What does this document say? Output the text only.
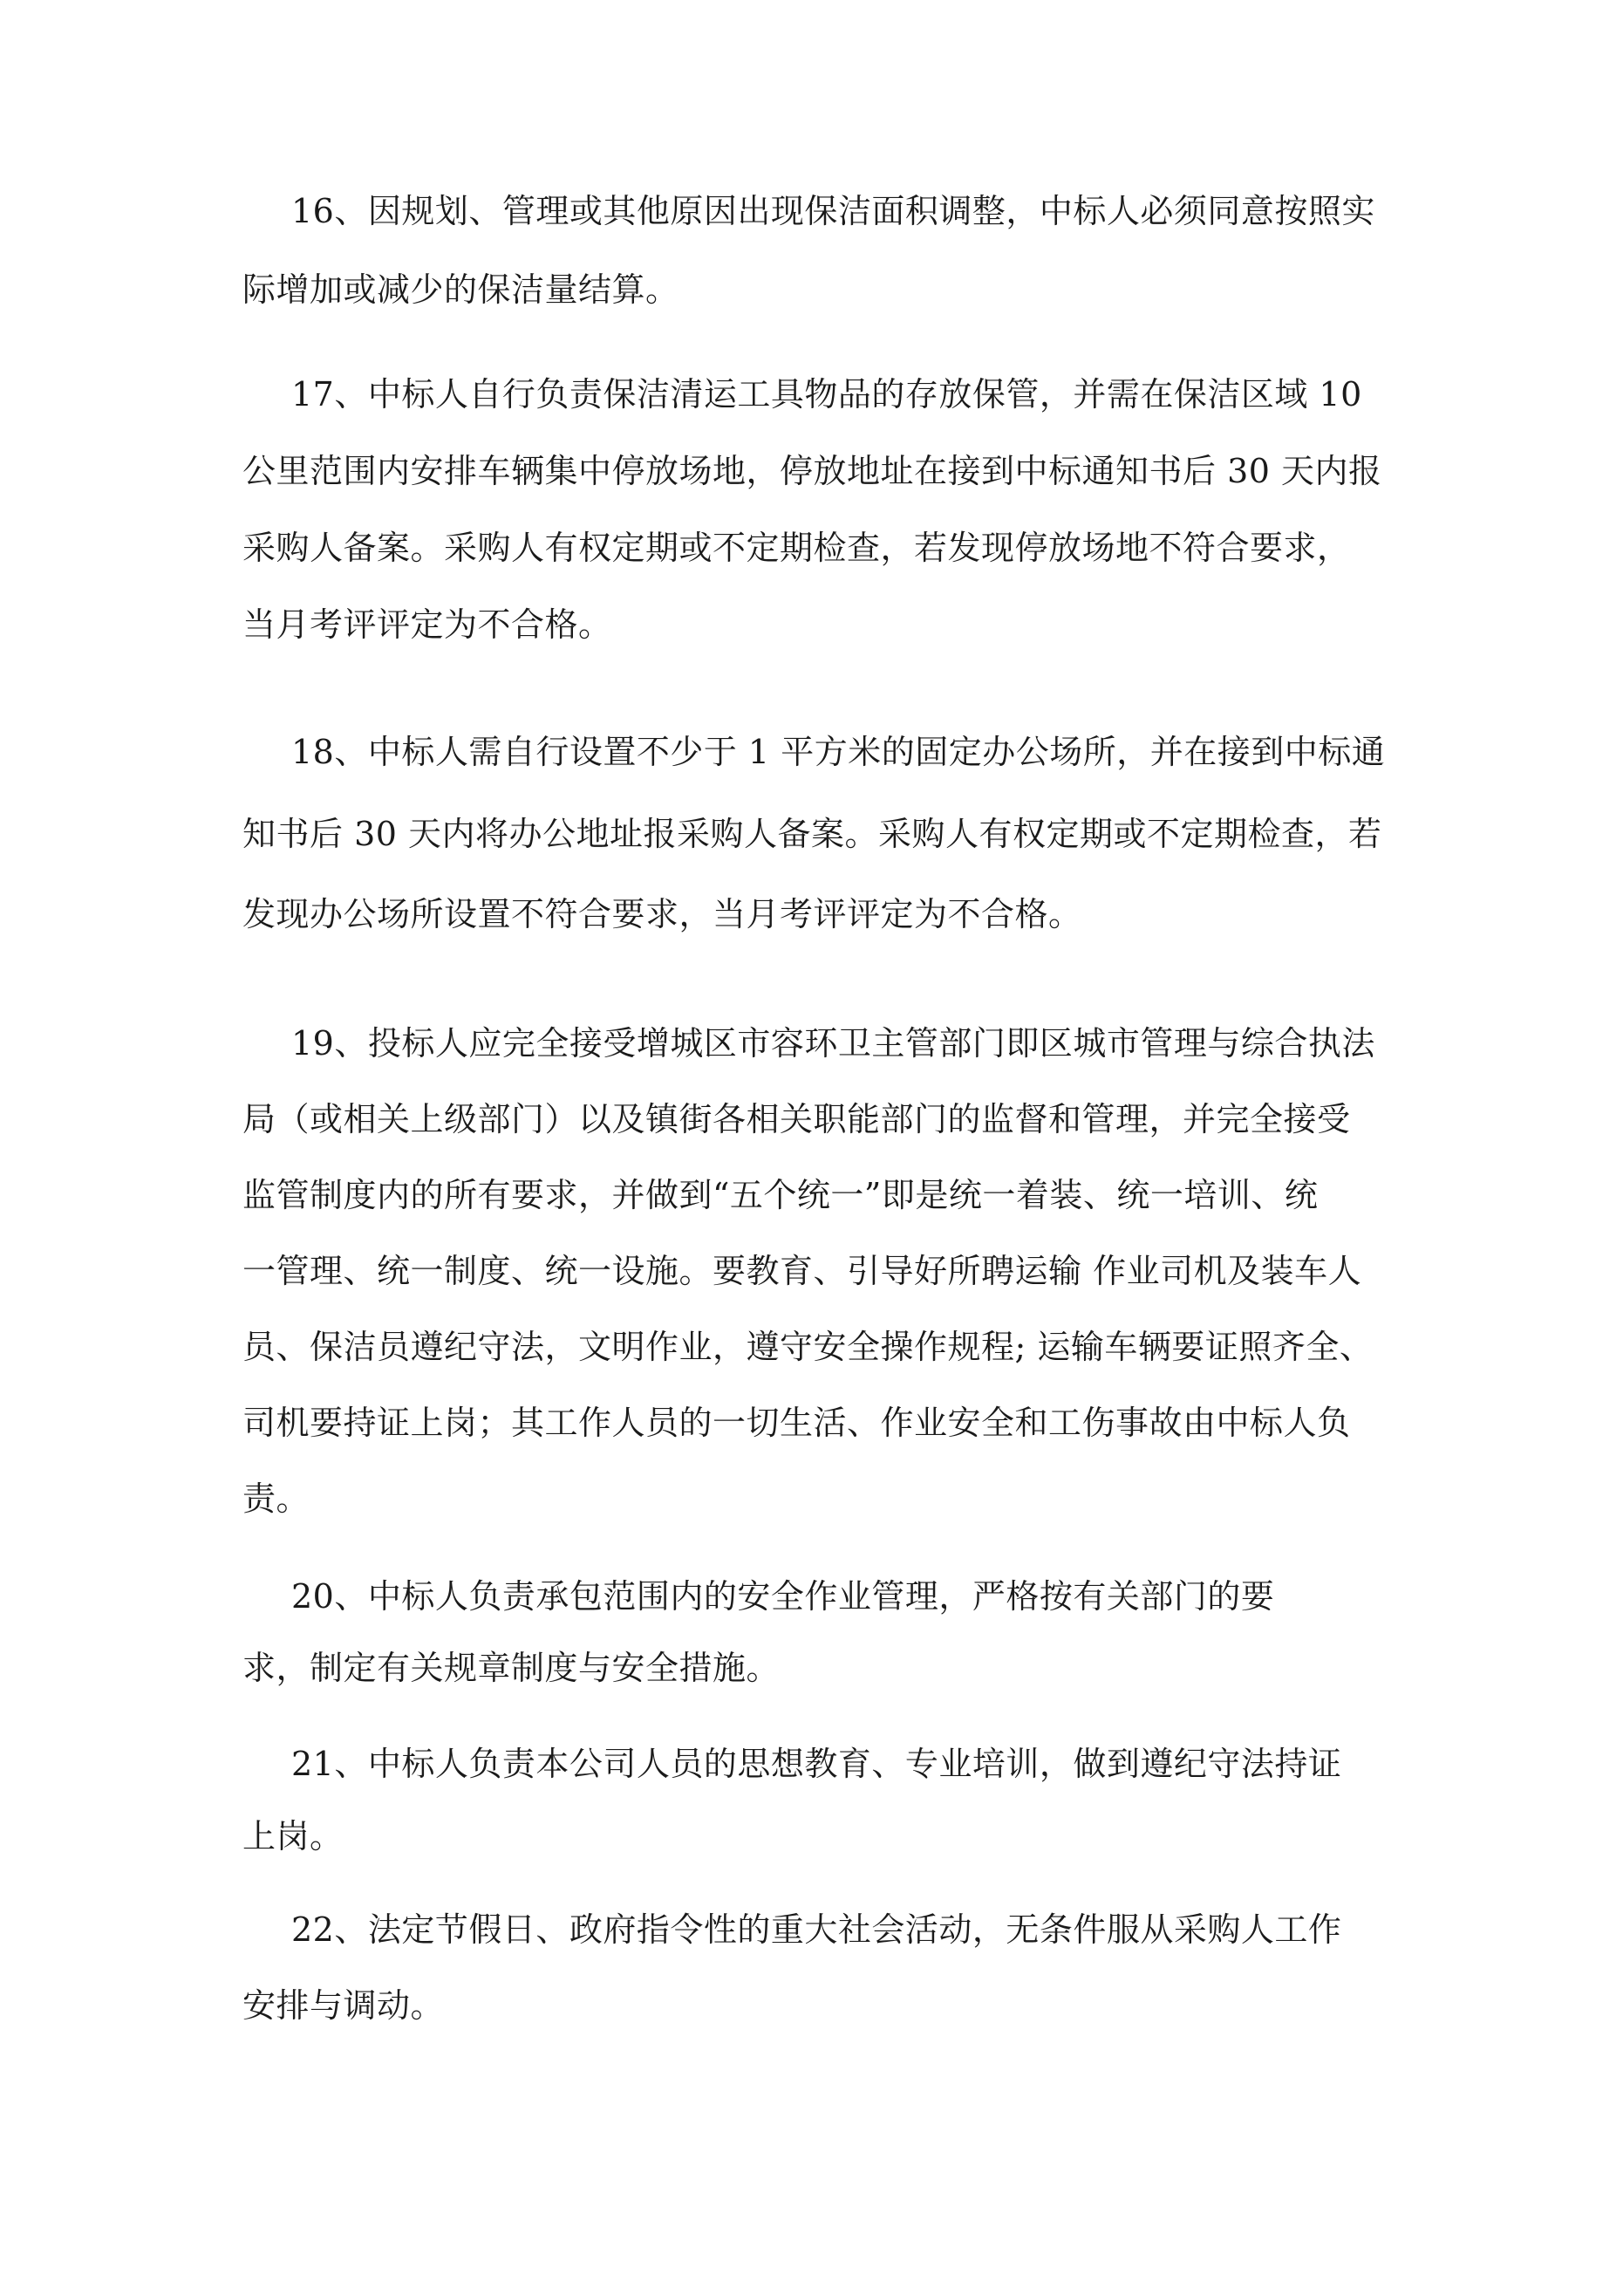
16、因规划、管理或其他原因出现保洁面积调整，中标人必须同意按照实
际增加或减少的保洁量结算。
17、中标人自行负责保洁清运工具物品的存放保管，并需在保洁区域 10
公里范围内安排车辆集中停放场地，停放地址在接到中标通知书后 30 天内报
采购人备案。采购人有权定期或不定期检查，若发现停放场地不符合要求，
当月考评评定为不合格。
18、中标人需自行设置不少于 1 平方米的固定办公场所，并在接到中标通
知书后 30 天内将办公地址报采购人备案。采购人有权定期或不定期检查，若
发现办公场所设置不符合要求，当月考评评定为不合格。
19、投标人应完全接受增城区市容环卫主管部门即区城市管理与综合执法
局（或相关上级部门）以及镇街各相关职能部门的监督和管理，并完全接受
监管制度内的所有要求，并做到“五个统一”即是统一着装、统一培训、统
一管理、统一制度、统一设施。要教育、引导好所聘运输 作业司机及装车人
员、保洁员遵纪守法，文明作业，遵守安全操作规程; 运输车辆要证照齐全、
司机要持证上岗；其工作人员的一切生活、作业安全和工伤事故由中标人负
责。
20、中标人负责承包范围内的安全作业管理，严格按有关部门的要
求，制定有关规章制度与安全措施。
21、中标人负责本公司人员的思想教育、专业培训，做到遵纪守法持证
上岗。
22、法定节假日、政府指令性的重大社会活动，无条件服从采购人工作
安排与调动。
